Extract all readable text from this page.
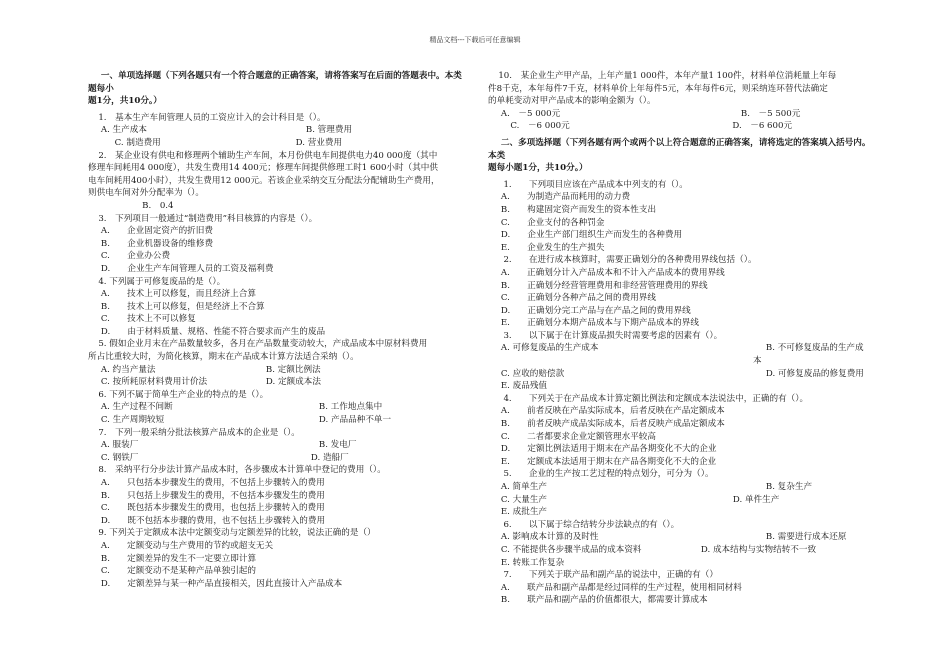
精品文档---下载后可任意编辑

一、单项选择题（下列各题只有一个符合题意的正确答案，请将答案写在后面的答题表中。本类题每小

题1分，共10分。）

1.　基本生产车间管理人员的工资应计入的会计科目是（）。

A. 生产成本	B. 管理费用
C. 制造费用	D. 营业费用

2.　某企业设有供电和修理两个辅助生产车间，本月份供电车间提供电力40 000度（其中

修理车间耗用4 000度），共发生费用14 400元；修理车间提供修理工时1 600小时（其中供

电车间耗用400小时），共发生费用12 000元。若该企业采纳交互分配法分配辅助生产费用，

则供电车间对外分配率为（）。

B.　0.4

3.　下列项目一般通过“制造费用”科目核算的内容是（）。

A.　　企业固定资产的折旧费

B.　　企业机器设备的维修费

C.　　企业办公费

D.　　企业生产车间管理人员的工资及福利费

4. 下列属于可修复废品的是（）。

A.　　技术上可以修复，而且经济上合算

B.　　技术上可以修复，但是经济上不合算

C.　　技术上不可以修复

D.　　由于材料质量、规格、性能不符合要求而产生的废品

5. 假如企业月末在产品数量较多，各月在产品数量变动较大，产成品成本中原材料费用

所占比重较大时，为简化核算，期末在产品成本计算方法适合采纳（）。

A. 约当产量法	B. 定额比例法
C. 按所耗原材料费用计价法	D. 定额成本法

6. 下列不属于简单生产企业的特点的是（）。

A. 生产过程不间断	B. 工作地点集中
C. 生产周期较短	D. 产品品种不单一

7.　下列一般采纳分批法核算产品成本的企业是（）。

A. 服装厂	B. 发电厂
C. 钢铁厂	D. 造船厂

8.　采纳平行分步法计算产品成本时，各步骤成本计算单中登记的费用（）。

A.　　只包括本步骤发生的费用，不包括上步骤转入的费用

B.　　只包括上步骤发生的费用，不包括本步骤发生的费用

C.　　既包括本步骤发生的费用，也包括上步骤转入的费用

D.　　既不包括本步骤的费用，也不包括上步骤转入的费用

9. 下列关于定额成本法中定额变动与定额差异的比较，说法正确的是（）

A.　　定额变动与生产费用的节约或超支无关

B.　　定额差异的发生不一定要立即计算

C.　　定额变动不是某种产品单独引起的

D.　　定额差异与某一种产品直接相关，因此直接计入产品成本

10.　某企业生产甲产品，上年产量1 000件，本年产量1 100件，材料单位消耗量上年每

件8千克，本年每件7千克，材料单价上年每件5元，本年每件6元，则采纳连环替代法确定

的单耗变动对甲产品成本的影响金额为（）。

A.　－5 000元	B.　－5 500元
C.　－6 000元	D.　－6 600元

二、多项选择题（下列各题有两个或两个以上符合题意的正确答案，请将选定的答案填入括号内。本类

题每小题1分，共10分。）

1.　　下列项目应该在产品成本中列支的有（）。

A.　　为制造产品而耗用的动力费

B.　　构建固定资产而发生的资本性支出

C.　　企业支付的各种罚金

D.　　企业生产部门组织生产而发生的各种费用

E.　　企业发生的生产损失

2.　　在进行成本核算时，需要正确划分的各种费用界线包括（）。

A.　　正确划分计入产品成本和不计入产品成本的费用界线

B.　　正确划分经营管理费用和非经营管理费用的界线

C.　　正确划分各种产品之间的费用界线

D.　　正确划分完工产品与在产品之间的费用界线

E.　　正确划分本期产品成本与下期产品成本的界线

3.　　以下属于在计算废品损失时需要考虑的因素有（）。

A. 可修复废品的生产成本	B. 不可修复废品的生产成
本
C. 应收的赔偿款	D. 可修复废品的修复费用

E. 废品残值

4.　　下列关于在产品成本计算定额比例法和定额成本法说法中，正确的有（）。

A.　　前者反映在产品实际成本，后者反映在产品定额成本

B.　　前者反映产成品实际成本，后者反映产成品定额成本

C.　　二者都要求企业定额管理水平较高

D.　　定额比例法适用于期末在产品各期变化不大的企业

E.　　定额成本法适用于期末在产品各期变化不大的企业

5.　　企业的生产按工艺过程的特点划分，可分为（）。

A. 简单生产	B. 复杂生产
C. 大量生产	D. 单件生产

E. 成批生产

6.　　以下属于综合结转分步法缺点的有（）。

A. 影响成本计算的及时性	B. 需要进行成本还原
C. 不能提供各步骤半成品的成本资料	D. 成本结构与实物结转不一致

E. 转账工作复杂

7.　　下列关于联产品和副产品的说法中，正确的有（）

A.　　联产品和副产品都是经过同样的生产过程，使用相同材料

B.　　联产品和副产品的价值都很大，都需要计算成本
